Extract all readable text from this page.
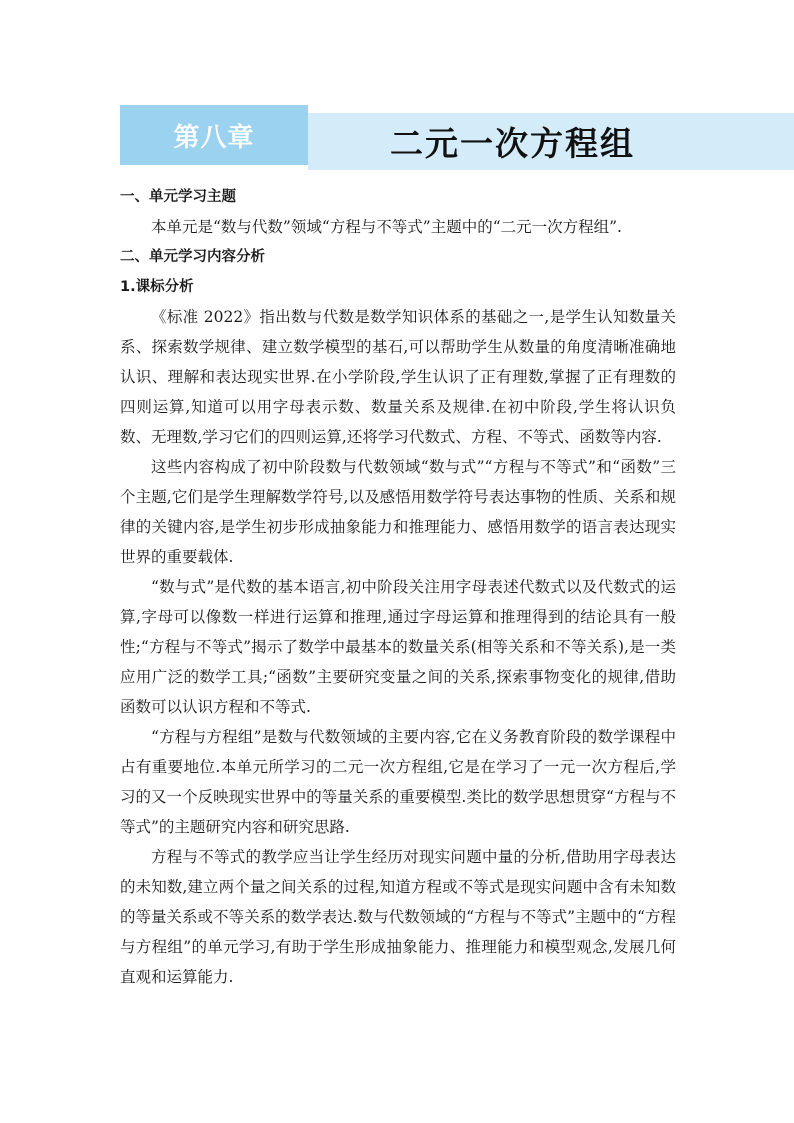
第八章	二元一次方程组
一、单元学习主题

本单元是“数与代数”领域“方程与不等式”主题中的“二元一次方程组”.

二、单元学习内容分析
1.课标分析

《标准 2022》指出数与代数是数学知识体系的基础之一,是学生认知数量关系、探索数学规律、建立数学模型的基石,可以帮助学生从数量的角度清晰准确地认识、理解和表达现实世界.在小学阶段,学生认识了正有理数,掌握了正有理数的四则运算,知道可以用字母表示数、数量关系及规律.在初中阶段,学生将认识负数、无理数,学习它们的四则运算,还将学习代数式、方程、不等式、函数等内容.

这些内容构成了初中阶段数与代数领域“数与式”“方程与不等式”和“函数”三个主题,它们是学生理解数学符号,以及感悟用数学符号表达事物的性质、关系和规律的关键内容,是学生初步形成抽象能力和推理能力、感悟用数学的语言表达现实世界的重要载体.

“数与式”是代数的基本语言,初中阶段关注用字母表述代数式以及代数式的运算,字母可以像数一样进行运算和推理,通过字母运算和推理得到的结论具有一般性;“方程与不等式”揭示了数学中最基本的数量关系(相等关系和不等关系),是一类应用广泛的数学工具;“函数”主要研究变量之间的关系,探索事物变化的规律,借助函数可以认识方程和不等式.

“方程与方程组”是数与代数领域的主要内容,它在义务教育阶段的数学课程中占有重要地位.本单元所学习的二元一次方程组,它是在学习了一元一次方程后,学习的又一个反映现实世界中的等量关系的重要模型.类比的数学思想贯穿“方程与不等式”的主题研究内容和研究思路.

方程与不等式的教学应当让学生经历对现实问题中量的分析,借助用字母表达的未知数,建立两个量之间关系的过程,知道方程或不等式是现实问题中含有未知数的等量关系或不等关系的数学表达.数与代数领域的“方程与不等式”主题中的“方程与方程组”的单元学习,有助于学生形成抽象能力、推理能力和模型观念,发展几何直观和运算能力.
